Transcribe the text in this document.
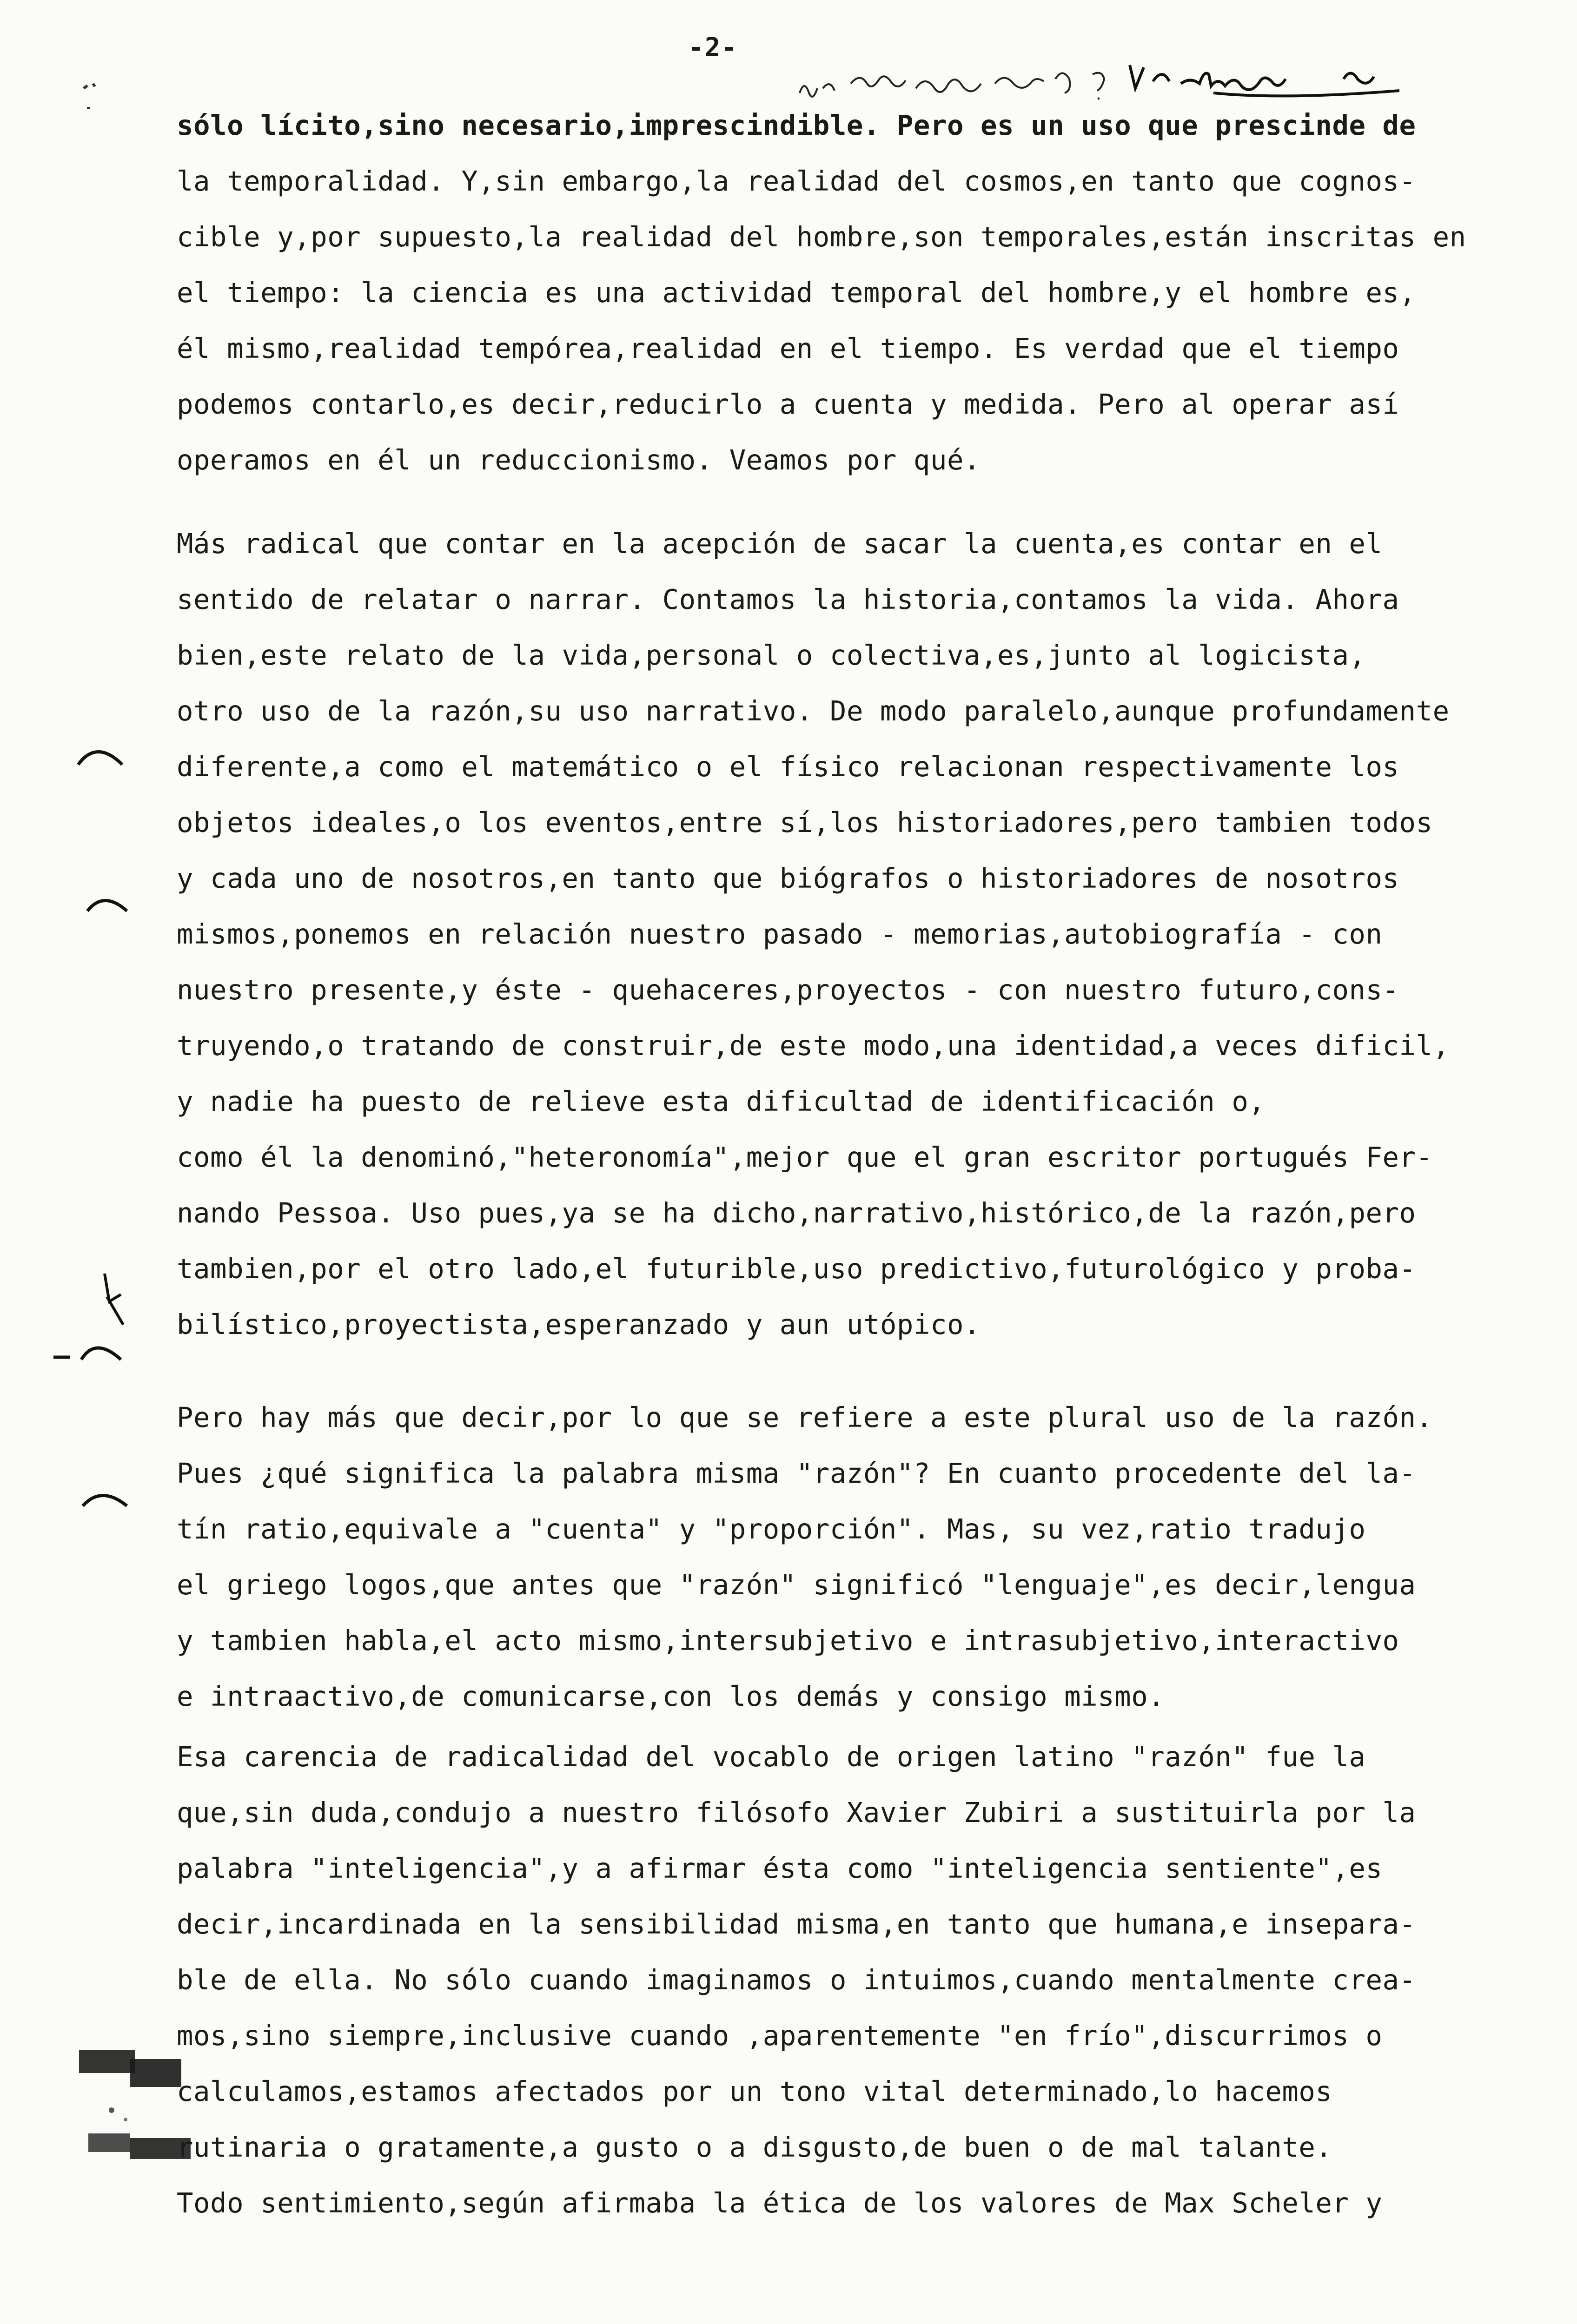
-2-
sólo lícito,sino necesario,imprescindible. Pero es un uso que prescinde de
la temporalidad. Y,sin embargo,la realidad del cosmos,en tanto que cognos-
cible y,por supuesto,la realidad del hombre,son temporales,están inscritas en
el tiempo: la ciencia es una actividad temporal del hombre,y el hombre es,
él mismo,realidad tempórea,realidad en el tiempo. Es verdad que el tiempo
podemos contarlo,es decir,reducirlo a cuenta y medida. Pero al operar así
operamos en él un reduccionismo. Veamos por qué.
Más radical que contar en la acepción de sacar la cuenta,es contar en el
sentido de relatar o narrar. Contamos la historia,contamos la vida. Ahora
bien,este relato de la vida,personal o colectiva,es,junto al logicista,
otro uso de la razón,su uso narrativo. De modo paralelo,aunque profundamente
diferente,a como el matemático o el físico relacionan respectivamente los
objetos ideales,o los eventos,entre sí,los historiadores,pero tambien todos
y cada uno de nosotros,en tanto que biógrafos o historiadores de nosotros
mismos,ponemos en relación nuestro pasado - memorias,autobiografía - con
nuestro presente,y éste - quehaceres,proyectos - con nuestro futuro,cons-
truyendo,o tratando de construir,de este modo,una identidad,a veces dificil,
y nadie ha puesto de relieve esta dificultad de identificación o,
como él la denominó,"heteronomía",mejor que el gran escritor portugués Fer-
nando Pessoa. Uso pues,ya se ha dicho,narrativo,histórico,de la razón,pero
tambien,por el otro lado,el futurible,uso predictivo,futurológico y proba-
bilístico,proyectista,esperanzado y aun utópico.
Pero hay más que decir,por lo que se refiere a este plural uso de la razón.
Pues ¿qué significa la palabra misma "razón"? En cuanto procedente del la-
tín ratio,equivale a "cuenta" y "proporción". Mas, su vez,ratio tradujo
el griego logos,que antes que "razón" significó "lenguaje",es decir,lengua
y tambien habla,el acto mismo,intersubjetivo e intrasubjetivo,interactivo
e intraactivo,de comunicarse,con los demás y consigo mismo.
Esa carencia de radicalidad del vocablo de origen latino "razón" fue la
que,sin duda,condujo a nuestro filósofo Xavier Zubiri a sustituirla por la
palabra "inteligencia",y a afirmar ésta como "inteligencia sentiente",es
decir,incardinada en la sensibilidad misma,en tanto que humana,e insepara-
ble de ella. No sólo cuando imaginamos o intuimos,cuando mentalmente crea-
mos,sino siempre,inclusive cuando ,aparentemente "en frío",discurrimos o
calculamos,estamos afectados por un tono vital determinado,lo hacemos
rutinaria o gratamente,a gusto o a disgusto,de buen o de mal talante.
Todo sentimiento,según afirmaba la ética de los valores de Max Scheler y
